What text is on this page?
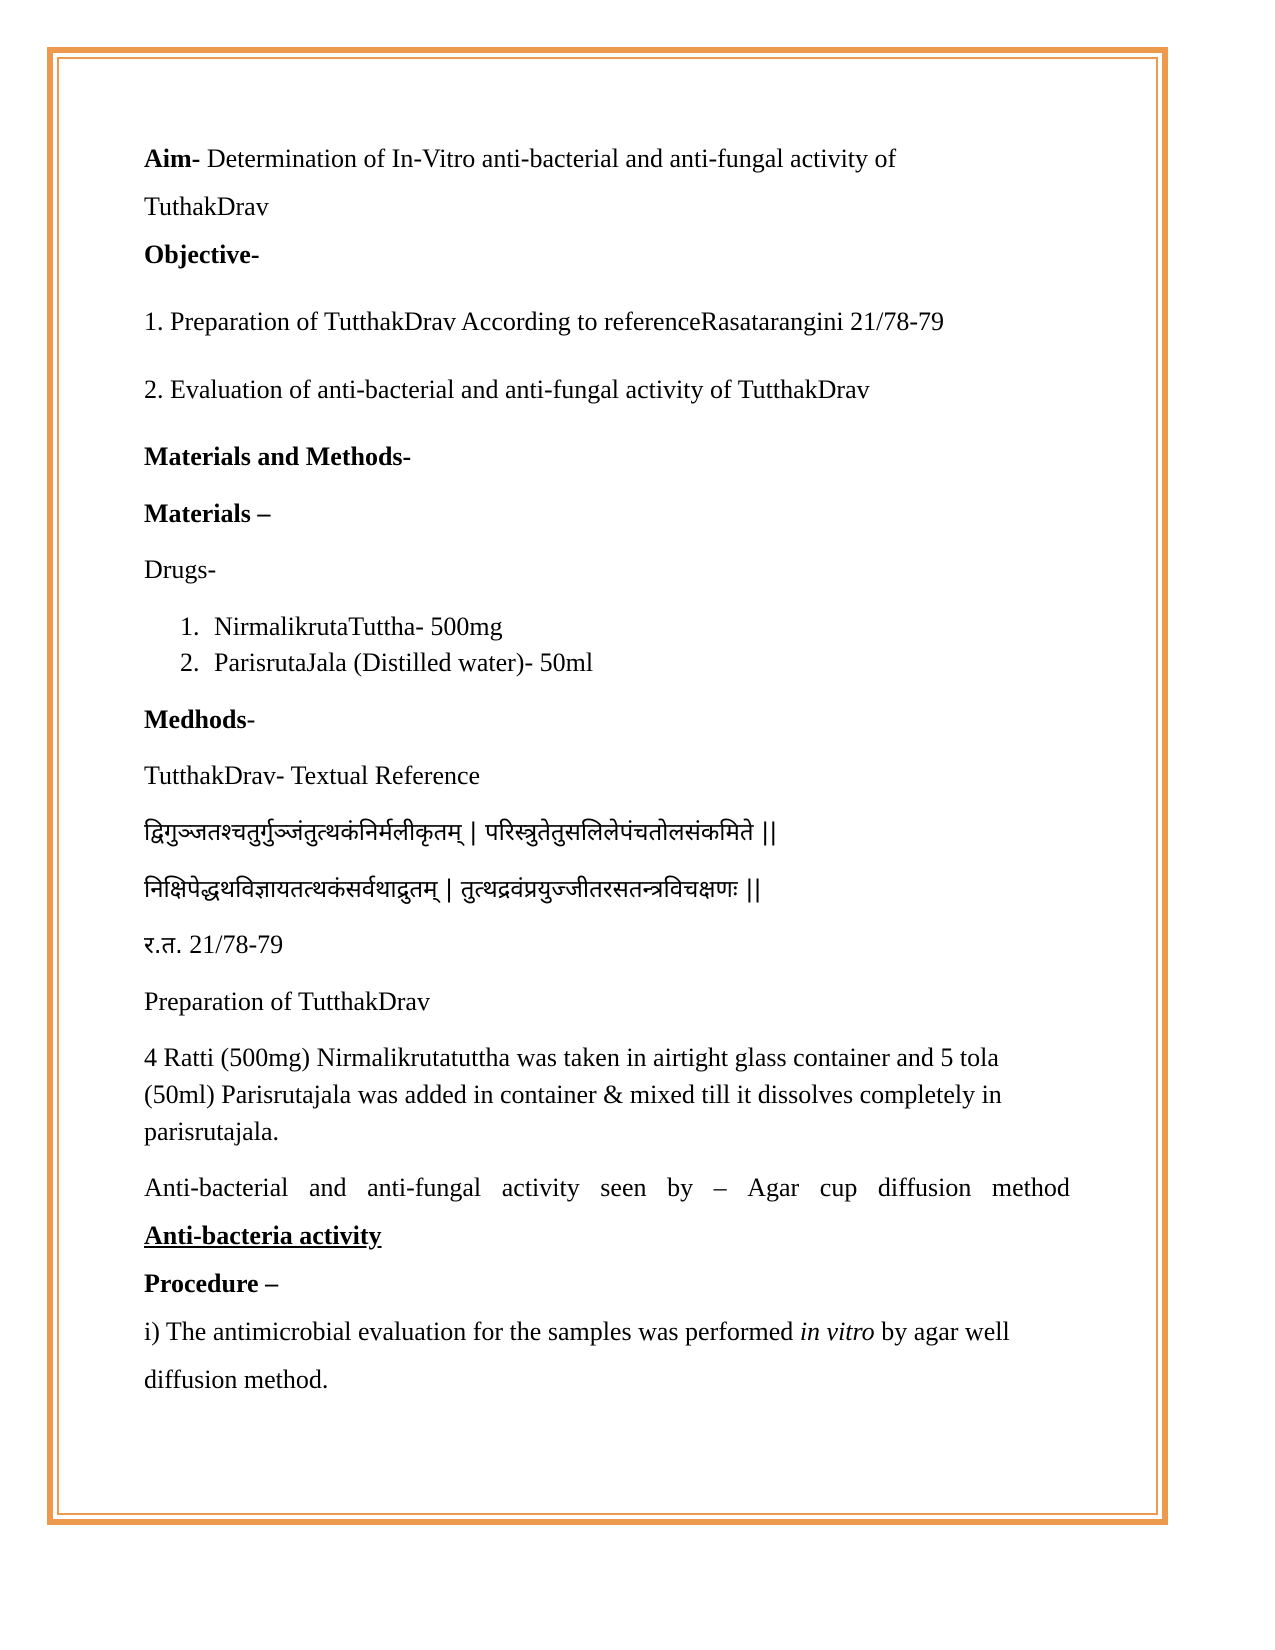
Aim- Determination of In-Vitro anti-bacterial and anti-fungal activity of
TuthakDrav
Objective-
1. Preparation of TutthakDrav According to referenceRasatarangini 21/78-79
2. Evaluation of anti-bacterial and anti-fungal activity of TutthakDrav
Materials and Methods-
Materials –
Drugs-
1. NirmalikrutaTuttha- 500mg
2. ParisrutaJala (Distilled water)- 50ml
Medhods-
TutthakDrav- Textual Reference
द्विगुञ्जतश्चतुर्गुञ्जंतुत्थकंनिर्मलीकृतम् | परिस्त्रुतेतुसलिलेपंचतोलसंकमिते ||
निक्षिपेद्धथविज्ञायतत्थकंसर्वथाद्रुतम् | तुत्थद्रवंप्रयुज्जीतरसतन्त्रविचक्षणः ||
र.त. 21/78-79
Preparation of TutthakDrav
4 Ratti (500mg) Nirmalikrutatuttha was taken in airtight glass container and 5 tola
(50ml) Parisrutajala was added in container & mixed till it dissolves completely in
parisrutajala.
Anti-bacterial and anti-fungal activity seen by – Agar cup diffusion method
Anti-bacteria activity
Procedure –
i) The antimicrobial evaluation for the samples was performed in vitro by agar well
diffusion method.
